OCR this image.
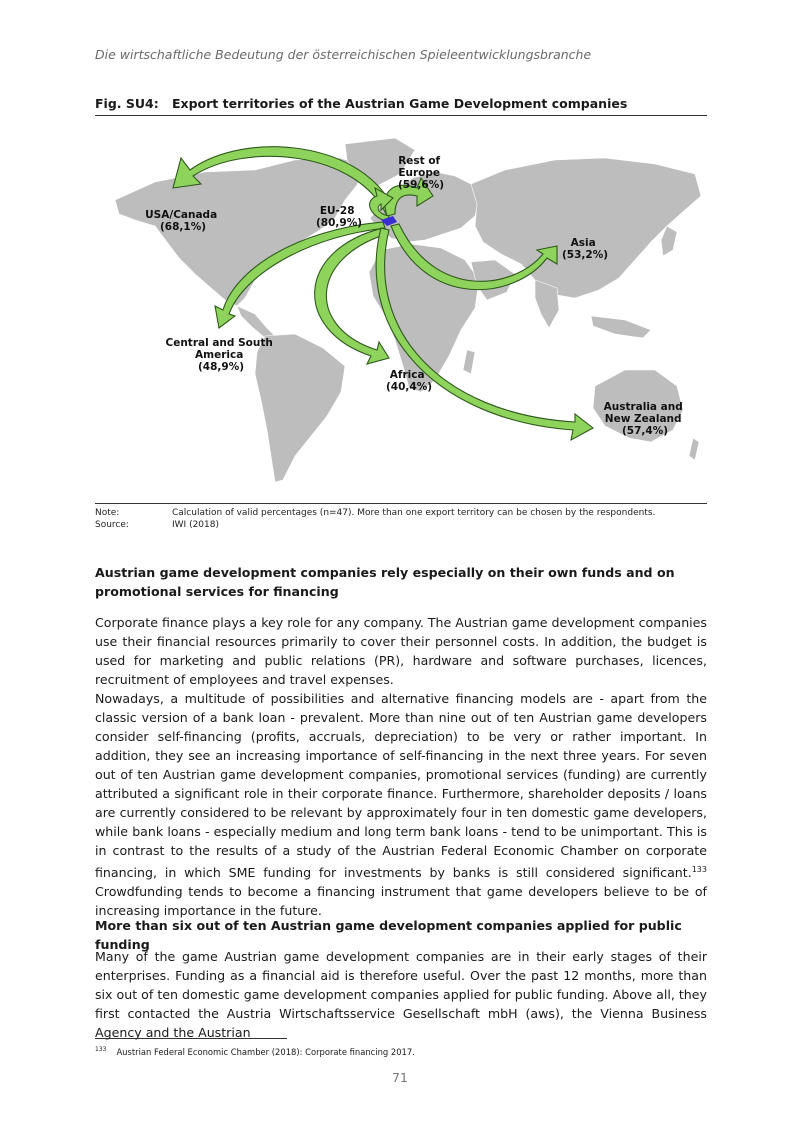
Die wirtschaftliche Bedeutung der österreichischen Spieleentwicklungsbranche
Fig. SU4: Export territories of the Austrian Game Development companies
Rest of Europe (59,6%)
USA/Canada (68,1%)
EU-28 (80,9%)
Asia (53,2%)
Central and South America (48,9%)
Africa (40,4%)
Australia and New Zealand (57,4%)
Note:	Calculation of valid percentages (n=47). More than one export territory can be chosen by the respondents.
Source:	IWI (2018)
Austrian game development companies rely especially on their own funds and on promotional services for financing
Corporate finance plays a key role for any company. The Austrian game development companies use their financial resources primarily to cover their personnel costs. In addition, the budget is used for marketing and public relations (PR), hardware and software purchases, licences, recruitment of employees and travel expenses.
Nowadays, a multitude of possibilities and alternative financing models are - apart from the classic version of a bank loan - prevalent. More than nine out of ten Austrian game developers consider self-financing (profits, accruals, depreciation) to be very or rather important. In addition, they see an increasing importance of self-financing in the next three years. For seven out of ten Austrian game development companies, promotional services (funding) are currently attributed a significant role in their corporate finance. Furthermore, shareholder deposits / loans are currently considered to be relevant by approximately four in ten domestic game developers, while bank loans - especially medium and long term bank loans - tend to be unimportant. This is in contrast to the results of a study of the Austrian Federal Economic Chamber on corporate financing, in which SME funding for investments by banks is still considered significant.$^{133}$ Crowdfunding tends to become a financing instrument that game developers believe to be of increasing importance in the future.
More than six out of ten Austrian game development companies applied for public funding
Many of the game Austrian game development companies are in their early stages of their enterprises. Funding as a financial aid is therefore useful. Over the past 12 months, more than six out of ten domestic game development companies applied for public funding. Above all, they first contacted the Austria Wirtschaftsservice Gesellschaft mbH (aws), the Vienna Business Agency and the Austrian
$^{133}$ Austrian Federal Economic Chamber (2018): Corporate financing 2017.
71
